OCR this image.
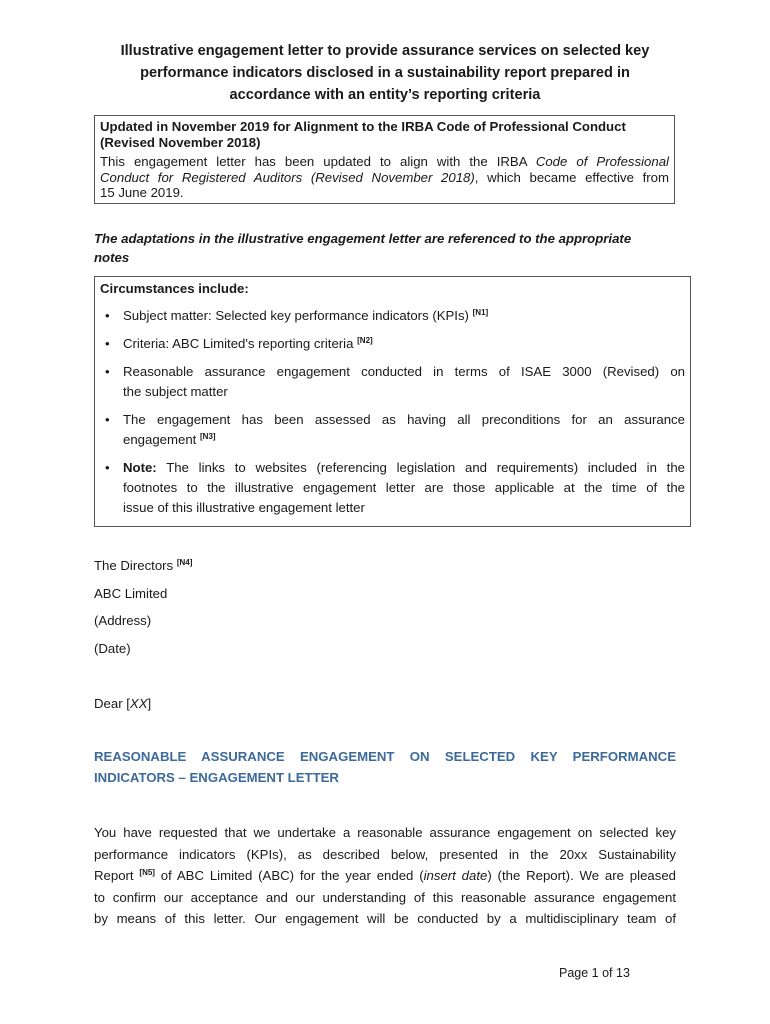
Illustrative engagement letter to provide assurance services on selected key
performance indicators disclosed in a sustainability report prepared in
accordance with an entity’s reporting criteria
Updated in November 2019 for Alignment to the IRBA Code of Professional Conduct
(Revised November 2018)

This engagement letter has been updated to align with the IRBA Code of Professional
Conduct for Registered Auditors (Revised November 2018), which became effective from
15 June 2019.

The adaptations in the illustrative engagement letter are referenced to the appropriate
notes
Circumstances include:
• Subject matter: Selected key performance indicators (KPIs) [N1]
• Criteria: ABC Limited's reporting criteria [N2]
• Reasonable assurance engagement conducted in terms of ISAE 3000 (Revised) on
the subject matter
• The engagement has been assessed as having all preconditions for an assurance
engagement [N3]
• Note: The links to websites (referencing legislation and requirements) included in the
footnotes to the illustrative engagement letter are those applicable at the time of the
issue of this illustrative engagement letter
The Directors [N4]
ABC Limited
(Address)
(Date)
Dear [XX]
REASONABLE ASSURANCE ENGAGEMENT ON SELECTED KEY PERFORMANCE
INDICATORS – ENGAGEMENT LETTER
You have requested that we undertake a reasonable assurance engagement on selected key
performance indicators (KPIs), as described below, presented in the 20xx Sustainability
Report [N5] of ABC Limited (ABC) for the year ended (insert date) (the Report). We are pleased
to confirm our acceptance and our understanding of this reasonable assurance engagement
by means of this letter. Our engagement will be conducted by a multidisciplinary team of
Page 1 of 13
